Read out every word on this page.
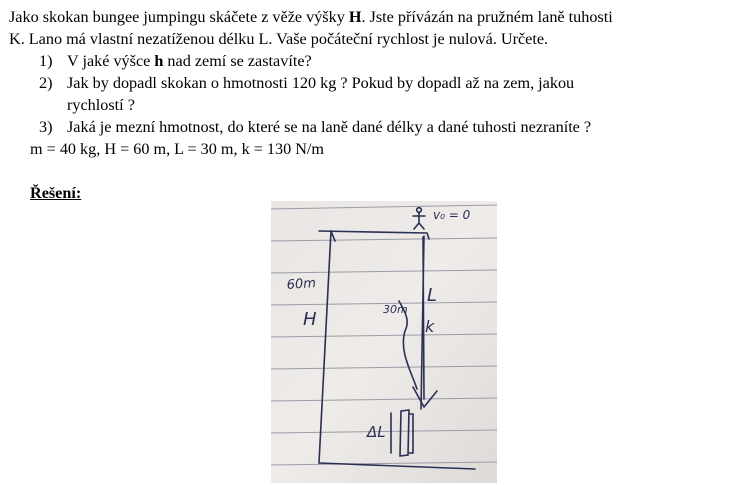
Jako skokan bungee jumpingu skáčete z věže výšky H. Jste přívázán na pružném laně tuhosti
K. Lano má vlastní nezatíženou délku L. Vaše počáteční rychlost je nulová. Určete.
1) V jaké výšce h nad zemí se zastavíte?
2) Jak by dopadl skokan o hmotnosti 120 kg ? Pokud by dopadl až na zem, jakou
rychlostí ?
3) Jaká je mezní hmotnost, do které se na laně dané délky a dané tuhosti nezraníte ?
m = 40 kg, H = 60 m, L = 30 m, k = 130 N/m
Řešení:
v₀ = 0
60m
H	30m
L
k
ΔL
